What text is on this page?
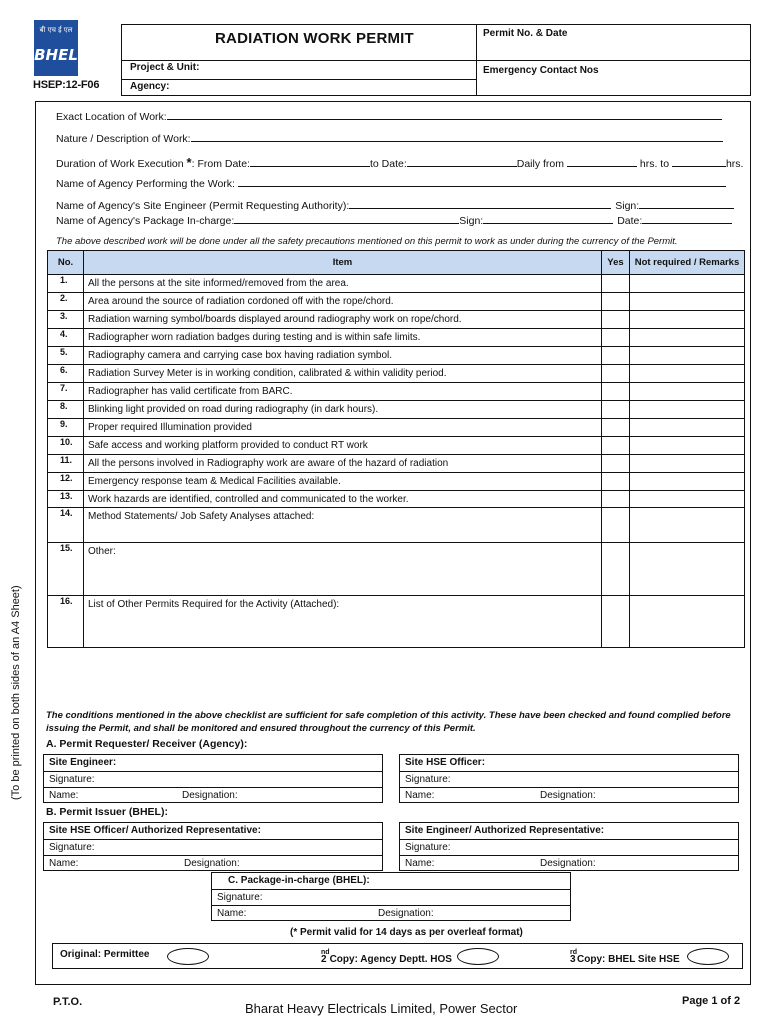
बी एच ई एल
BHEL
HSEP:12-F06
RADIATION WORK PERMIT	Permit No. & Date
Project & Unit:	Emergency Contact Nos
Agency:
Exact Location of Work:
Nature / Description of Work:
Duration of Work Execution *: From Date:	to Date:	Daily from	hrs. to	hrs.
Name of Agency Performing the Work:
Name of Agency's Site Engineer (Permit Requesting Authority):	Sign:
Name of Agency's Package In-charge:	Sign:	Date:
The above described work will be done under all the safety precautions mentioned on this permit to work as under during the currency of the Permit.
No.	Item	Yes	Not required / Remarks
1.	All the persons at the site informed/removed from the area.		
2.	Area around the source of radiation cordoned off with the rope/chord.		
3.	Radiation warning symbol/boards displayed around radiography work on rope/chord.		
4.	Radiographer worn radiation badges during testing and is within safe limits.		
5.	Radiography camera and carrying case box having radiation symbol.		
6.	Radiation Survey Meter is in working condition, calibrated & within validity period.		
7.	Radiographer has valid certificate from BARC.		
8.	Blinking light provided on road during radiography (in dark hours).		
9.	Proper required Illumination provided		
10.	Safe access and working platform provided to conduct RT work		
11.	All the persons involved in Radiography work are aware of the hazard of radiation		
12.	Emergency response team & Medical Facilities available.		
13.	Work hazards are identified, controlled and communicated to the worker.		
14.	Method Statements/ Job Safety Analyses attached:		
15.	Other:		
16.	List of Other Permits Required for the Activity (Attached):		
The conditions mentioned in the above checklist are sufficient for safe completion of this activity. These have been checked and found complied before issuing the Permit, and shall be monitored and ensured throughout the currency of this Permit.
A. Permit Requester/ Receiver (Agency):
Site Engineer:
Signature:
Name:	Designation:
Site HSE Officer:
Signature:
Name:	Designation:
B. Permit Issuer (BHEL):
Site HSE Officer/ Authorized Representative:
Signature:
Name:	Designation:
Site Engineer/ Authorized Representative:
Signature:
Name:	Designation:
C. Package-in-charge (BHEL):
Signature:
Name:	Designation:
(* Permit valid for 14 days as per overleaf format)
Original: Permittee	2
$^{nd}$
Copy: Agency Deptt. HOS	3
$^{rd}$
Copy: BHEL Site HSE
(To be printed on both sides of an A4 Sheet)
P.T.O.	Bharat Heavy Electricals Limited, Power Sector	Page 1 of 2
